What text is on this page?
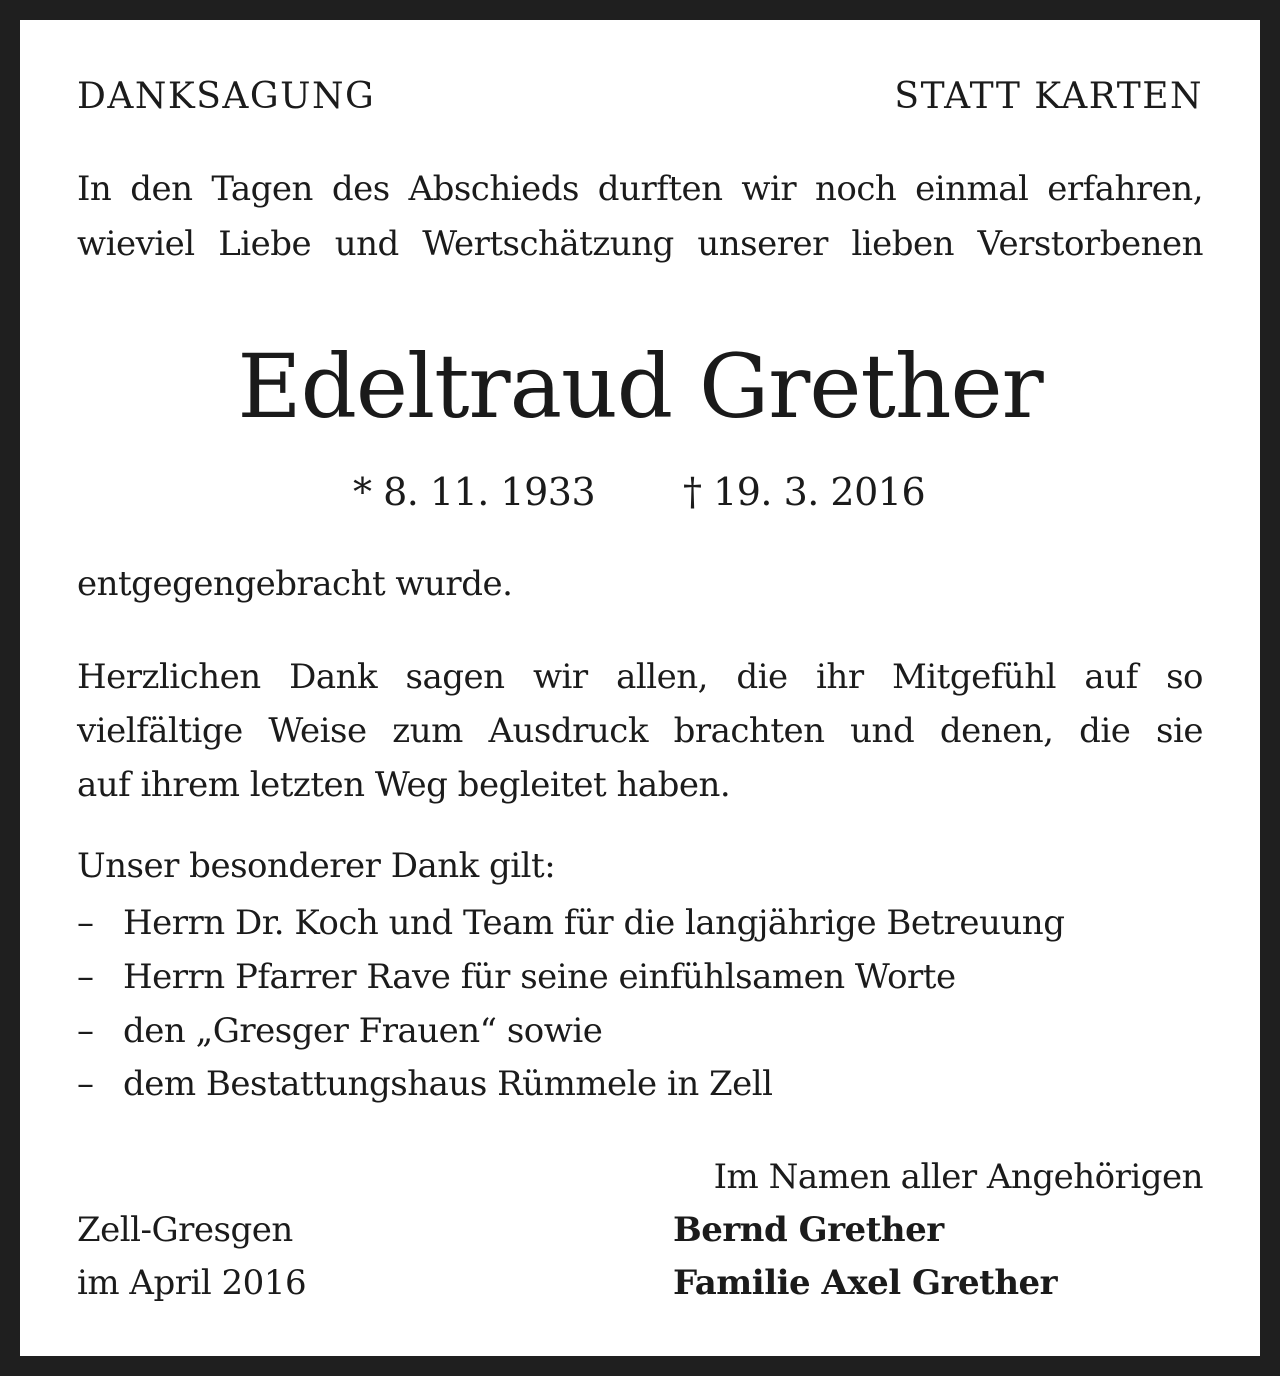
DANKSAGUNG	STATT KARTEN
In den Tagen des Abschieds durften wir noch einmal erfahren,
wieviel Liebe und Wertschätzung unserer lieben Verstorbenen
Edeltraud Grether
* 8. 11. 1933 † 19. 3. 2016
entgegengebracht wurde.
Herzlichen Dank sagen wir allen, die ihr Mitgefühl auf so
vielfältige Weise zum Ausdruck brachten und denen, die sie
auf ihrem letzten Weg begleitet haben.
Unser besonderer Dank gilt:
– Herrn Dr. Koch und Team für die langjährige Betreuung
– Herrn Pfarrer Rave für seine einfühlsamen Worte
– den „Gresger Frauen“ sowie
– dem Bestattungshaus Rümmele in Zell
Im Namen aller Angehörigen
Zell-Gresgen	Bernd Grether
im April 2016	Familie Axel Grether
